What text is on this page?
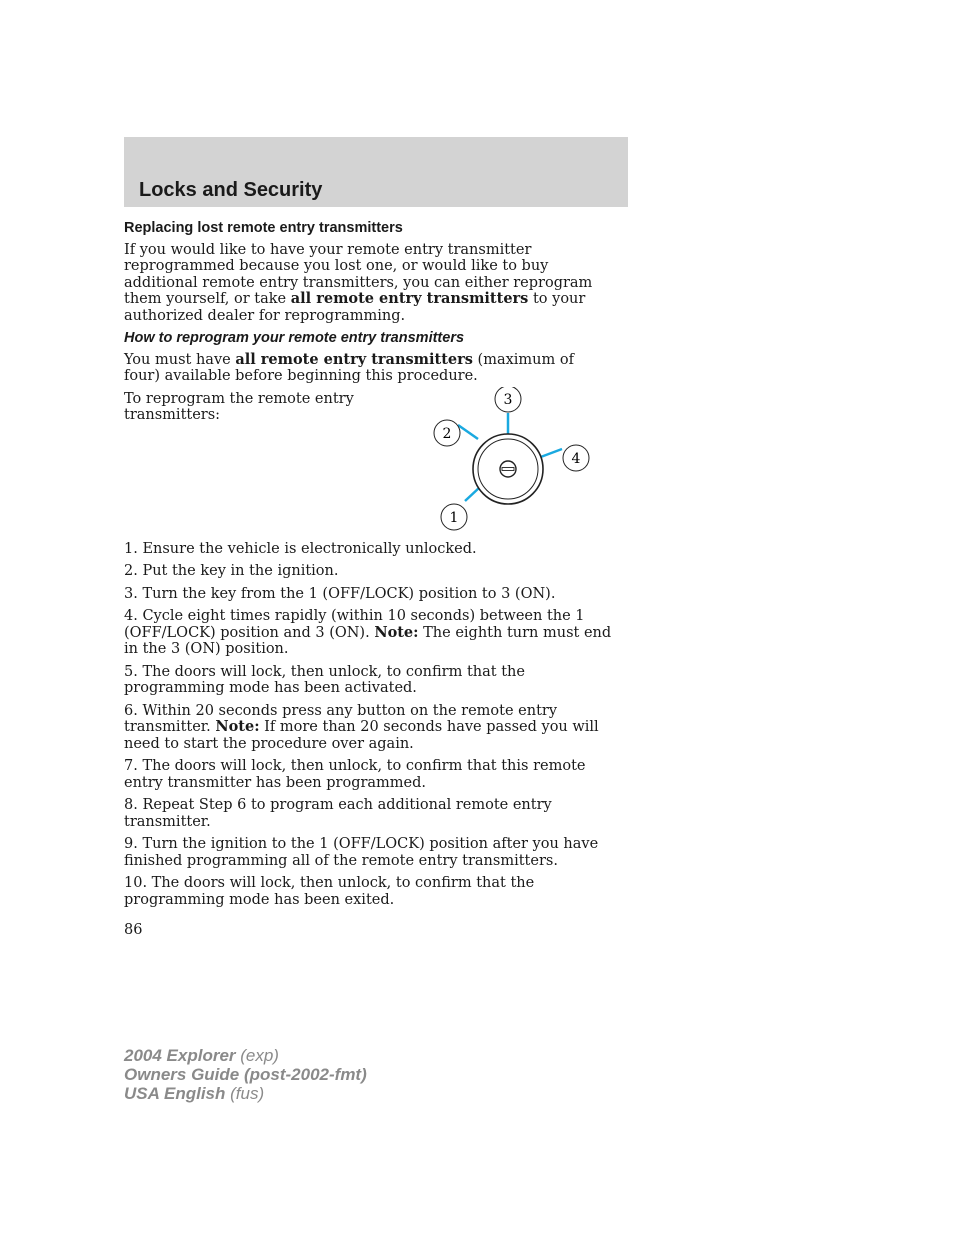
Locks and Security
Replacing lost remote entry transmitters

If you would like to have your remote entry transmitter reprogrammed because you lost one, or would like to buy additional remote entry transmitters, you can either reprogram them yourself, or take all remote entry transmitters to your authorized dealer for reprogramming.

How to reprogram your remote entry transmitters

You must have all remote entry transmitters (maximum of four) available before beginning this procedure.

To reprogram the remote entry transmitters:
3
2
4
1

1. Ensure the vehicle is electronically unlocked.

2. Put the key in the ignition.

3. Turn the key from the 1 (OFF/LOCK) position to 3 (ON).

4. Cycle eight times rapidly (within 10 seconds) between the 1 (OFF/LOCK) position and 3 (ON). Note: The eighth turn must end in the 3 (ON) position.

5. The doors will lock, then unlock, to confirm that the programming mode has been activated.

6. Within 20 seconds press any button on the remote entry transmitter. Note: If more than 20 seconds have passed you will need to start the procedure over again.

7. The doors will lock, then unlock, to confirm that this remote entry transmitter has been programmed.

8. Repeat Step 6 to program each additional remote entry transmitter.

9. Turn the ignition to the 1 (OFF/LOCK) position after you have finished programming all of the remote entry transmitters.

10. The doors will lock, then unlock, to confirm that the programming mode has been exited.

86

2004 Explorer (exp)
Owners Guide (post-2002-fmt)
USA English (fus)
